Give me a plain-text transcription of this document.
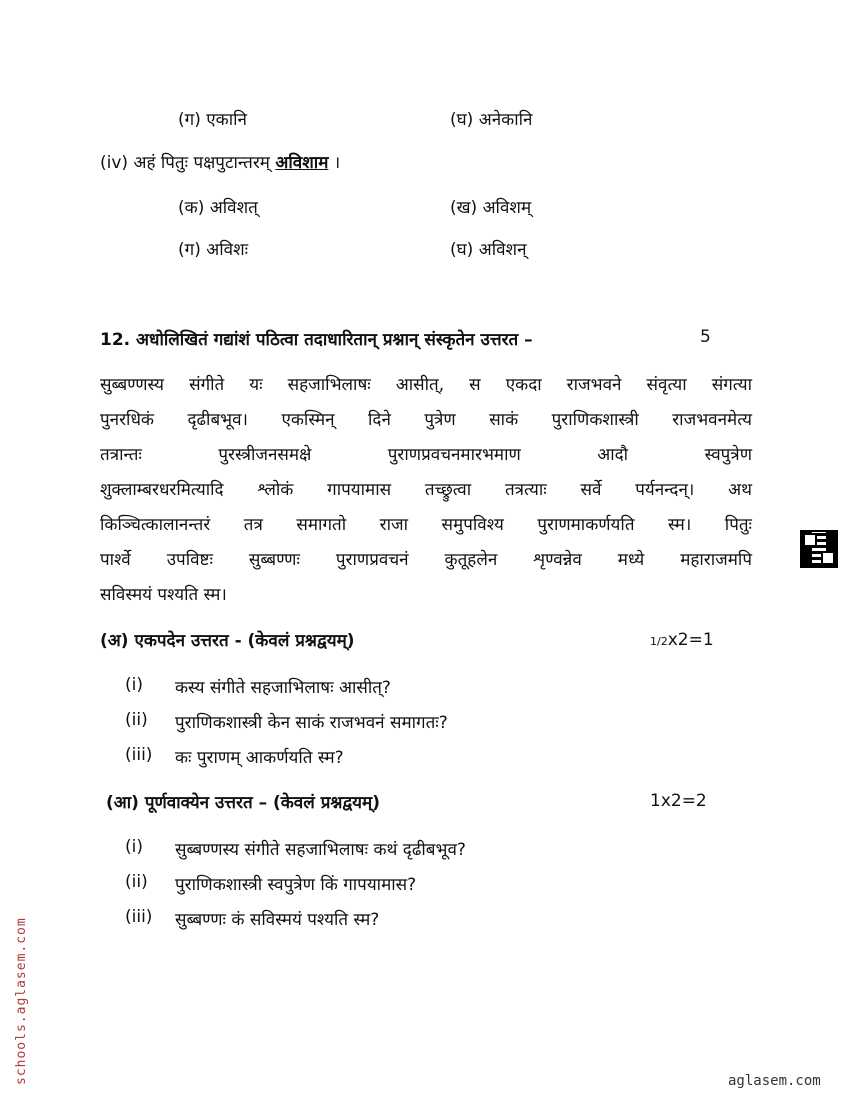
(ग) एकानि	(घ) अनेकानि
(iv) अहं पितुः पक्षपुटान्तरम् अविशाम ।
(क) अविशत्	(ख) अविशम्
(ग) अविशः	(घ) अविशन्
12. अधोलिखितं गद्यांशं पठित्वा तदाधारितान् प्रश्नान् संस्कृतेन उत्तरत –	5
सुब्बण्णस्य संगीते यः सहजाभिलाषः आसीत्, स एकदा राजभवने संवृत्या संगत्या
पुनरधिकं दृढीबभूव। एकस्मिन् दिने पुत्रेण साकं पुराणिकशास्त्री राजभवनमेत्य
तत्रान्तः पुरस्त्रीजनसमक्षे पुराणप्रवचनमारभमाण आदौ स्वपुत्रेण
शुक्लाम्बरधरमित्यादि श्लोकं गापयामास तच्छ्रुत्वा तत्रत्याः सर्वे पर्यनन्दन्। अथ
किञ्चित्कालानन्तरं तत्र समागतो राजा समुपविश्य पुराणमाकर्णयति स्म। पितुः
पार्श्वे उपविष्टः सुब्बण्णः पुराणप्रवचनं कुतूहलेन शृण्वन्नेव मध्ये महाराजमपि
सविस्मयं पश्यति स्म।
(अ) एकपदेन उत्तरत - (केवलं प्रश्नद्वयम्)	1/2x2=1
(i) कस्य संगीते सहजाभिलाषः आसीत्?
(ii) पुराणिकशास्त्री केन साकं राजभवनं समागतः?
(iii) कः पुराणम् आकर्णयति स्म?
(आ) पूर्णवाक्येन उत्तरत – (केवलं प्रश्नद्वयम्)	1x2=2
(i) सुब्बण्णस्य संगीते सहजाभिलाषः कथं दृढीबभूव?
(ii) पुराणिकशास्त्री स्वपुत्रेण किं गापयामास?
(iii) सुब्बण्णः कं सविस्मयं पश्यति स्म?
schools.aglasem.com	aglasem.com
